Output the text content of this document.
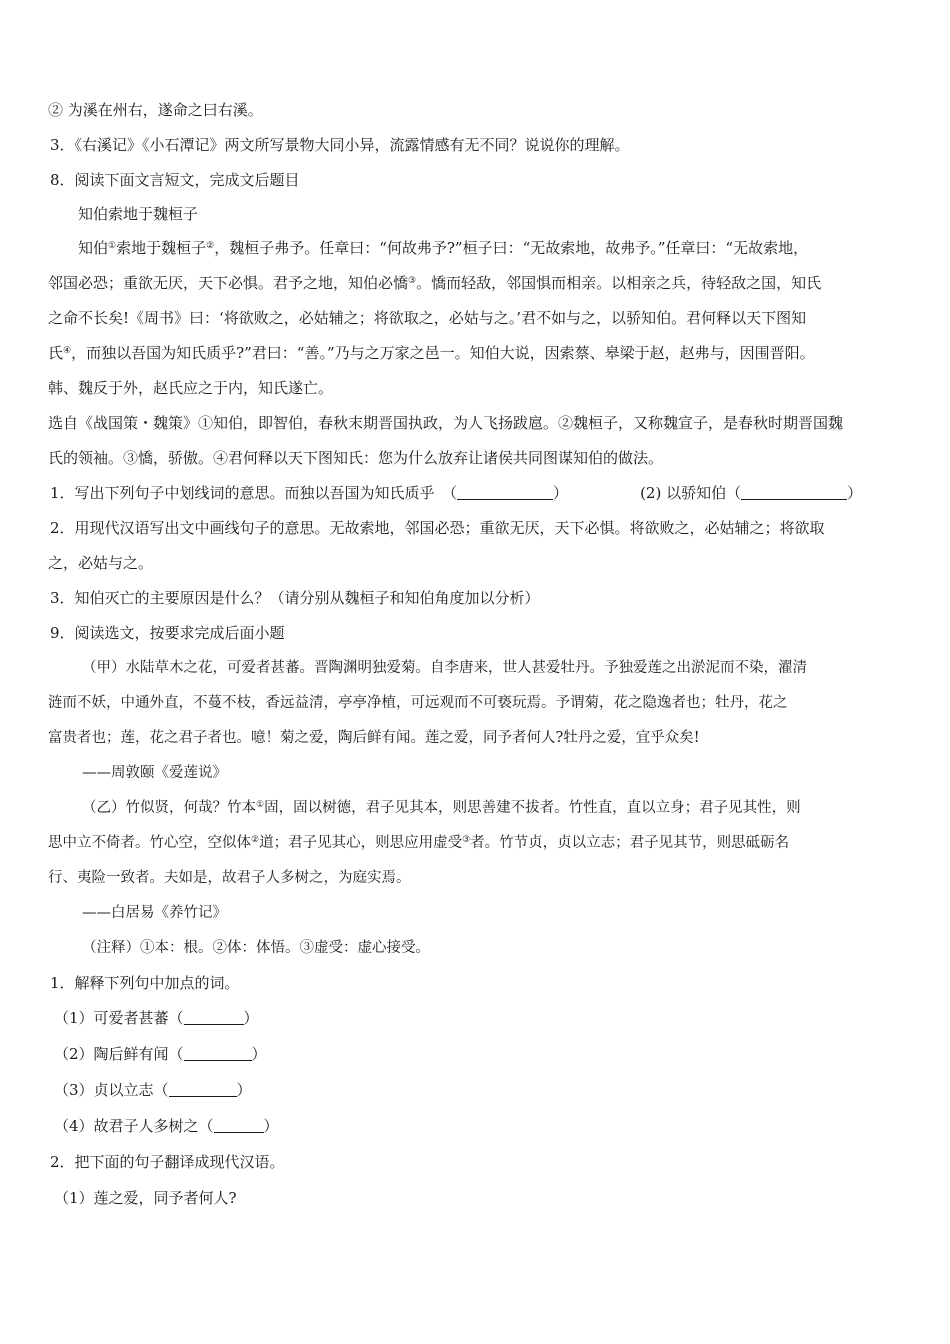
② 为溪在州右，遂命之曰右溪。
3．《右溪记》《小石潭记》两文所写景物大同小异，流露情感有无不同？说说你的理解。
8．阅读下面文言短文，完成文后题目
知伯索地于魏桓子
知伯①索地于魏桓子②，魏桓子弗予。任章曰：“何故弗予?”桓子曰：“无故索地，故弗予。”任章曰：“无故索地，
邻国必恐；重欲无厌，天下必惧。君予之地，知伯必憍③。憍而轻敌，邻国惧而相亲。以相亲之兵，待轻敌之国，知氏
之命不长矣!《周书》曰：‘将欲败之，必姑辅之；将欲取之，必姑与之。’君不如与之，以骄知伯。君何释以天下图知
氏④，而独以吾国为知氏质乎?”君曰：“善。”乃与之万家之邑一。知伯大说，因索蔡、皋梁于赵，赵弗与，因围晋阳。
韩、魏反于外，赵氏应之于内，知氏遂亡。
选自《战国策・魏策》①知伯，即智伯，春秋末期晋国执政，为人飞扬跋扈。②魏桓子，又称魏宣子，是春秋时期晋国魏
氏的领袖。③憍，骄傲。④君何释以天下图知氏：您为什么放弃让诸侯共同图谋知伯的做法。
1．写出下列句子中划线词的意思。而独以吾国为知氏质乎　（	）	(2) 以骄知伯（	）
2．用现代汉语写出文中画线句子的意思。无故索地，邻国必恐；重欲无厌，天下必惧。将欲败之，必姑辅之；将欲取
之，必姑与之。
3．知伯灭亡的主要原因是什么？（请分别从魏桓子和知伯角度加以分析）
9．阅读选文，按要求完成后面小题
（甲）水陆草木之花，可爱者甚蕃。晋陶渊明独爱菊。自李唐来，世人甚爱牡丹。予独爱莲之出淤泥而不染，濯清
涟而不妖，中通外直，不蔓不枝，香远益清，亭亭净植，可远观而不可亵玩焉。予谓菊，花之隐逸者也；牡丹，花之
富贵者也；莲，花之君子者也。噫！菊之爱，陶后鲜有闻。莲之爱，同予者何人?牡丹之爱，宜乎众矣!
——周敦颐《爱莲说》
（乙）竹似贤，何哉？竹本①固，固以树德，君子见其本，则思善建不拔者。竹性直，直以立身；君子见其性，则
思中立不倚者。竹心空，空似体②道；君子见其心，则思应用虚受③者。竹节贞，贞以立志；君子见其节，则思砥砺名
行、夷险一致者。夫如是，故君子人多树之，为庭实焉。
——白居易《养竹记》
（注释）①本：根。②体：体悟。③虚受：虚心接受。
1．解释下列句中加点的词。
（1）可爱者甚蕃（	）
（2）陶后鲜有闻（	）
（3）贞以立志（	）
（4）故君子人多树之（	）
2．把下面的句子翻译成现代汉语。
（1）莲之爱，同予者何人?
